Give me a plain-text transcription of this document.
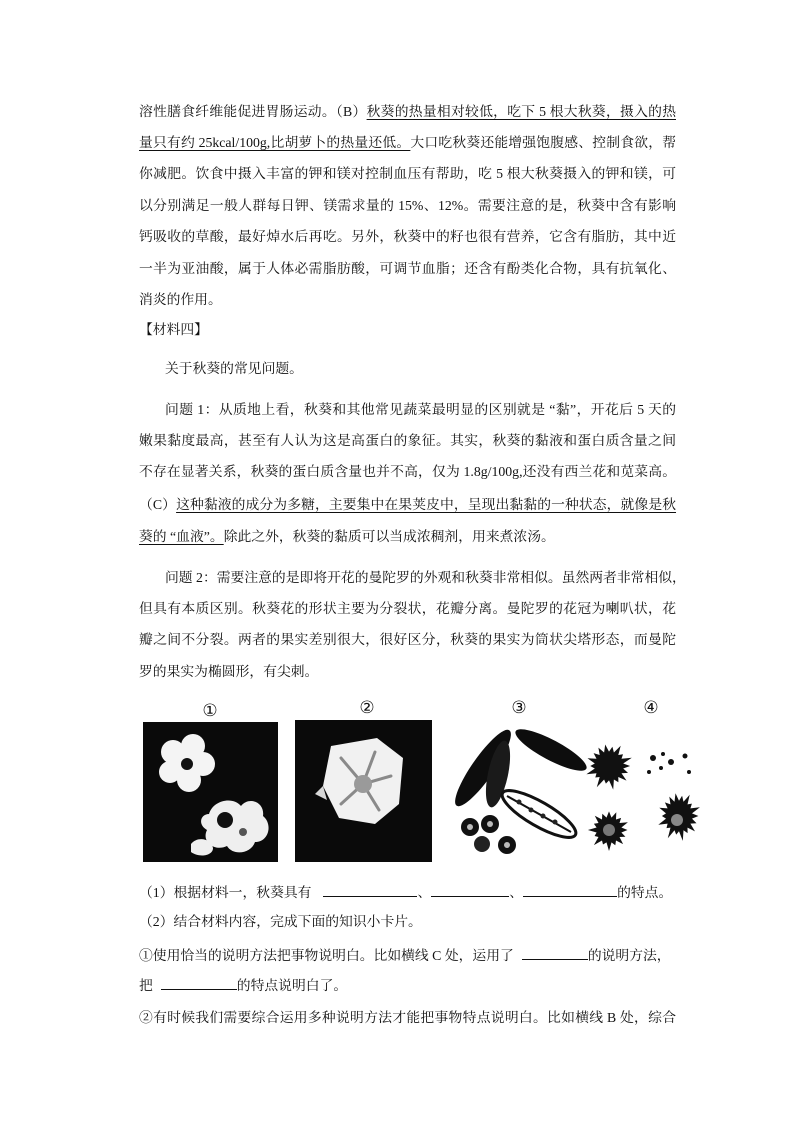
溶性膳食纤维能促进胃肠运动。（B）秋葵的热量相对较低，吃下 5 根大秋葵，摄入的热
量只有约 25kcal/100g,比胡萝卜的热量还低。大口吃秋葵还能增强饱腹感、控制食欲，帮
你减肥。饮食中摄入丰富的钾和镁对控制血压有帮助，吃 5 根大秋葵摄入的钾和镁，可
以分别满足一般人群每日钾、镁需求量的 15%、12%。需要注意的是，秋葵中含有影响
钙吸收的草酸，最好焯水后再吃。另外，秋葵中的籽也很有营养，它含有脂肪，其中近
一半为亚油酸，属于人体必需脂肪酸，可调节血脂；还含有酚类化合物，具有抗氧化、
消炎的作用。
【材料四】
关于秋葵的常见问题。
问题 1：从质地上看，秋葵和其他常见蔬菜最明显的区别就是 “黏”，开花后 5 天的
嫩果黏度最高，甚至有人认为这是高蛋白的象征。其实，秋葵的黏液和蛋白质含量之间
不存在显著关系，秋葵的蛋白质含量也并不高，仅为 1.8g/100g,还没有西兰花和苋菜高。
（C）这种黏液的成分为多糖，主要集中在果荚皮中，呈现出黏黏的一种状态，就像是秋
葵的 “血液”。除此之外，秋葵的黏质可以当成浓稠剂，用来煮浓汤。
问题 2：需要注意的是即将开花的曼陀罗的外观和秋葵非常相似。虽然两者非常相似，
但具有本质区别。秋葵花的形状主要为分裂状，花瓣分离。曼陀罗的花冠为喇叭状，花
瓣之间不分裂。两者的果实差别很大，很好区分，秋葵的果实为筒状尖塔形态，而曼陀
罗的果实为椭圆形，有尖刺。
①	②	③	④
（1）根据材料一，秋葵具有	、	、	的特点。
（2）结合材料内容，完成下面的知识小卡片。
①使用恰当的说明方法把事物说明白。比如横线 C 处，运用了	的说明方法，
把	的特点说明白了。
②有时候我们需要综合运用多种说明方法才能把事物特点说明白。比如横线 B 处，综合
